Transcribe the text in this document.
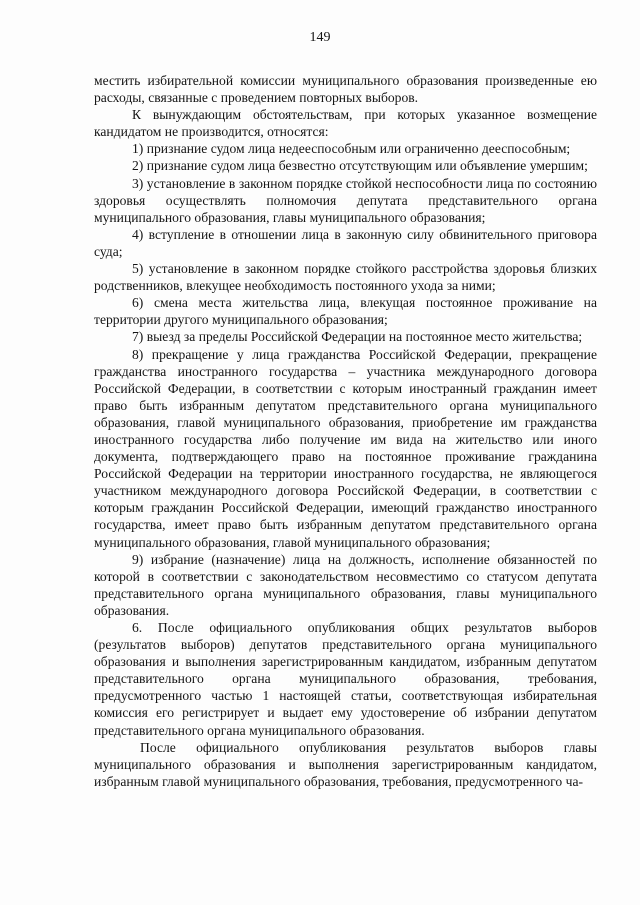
149

местить избирательной комиссии муниципального образования произведенные ею расходы, связанные с проведением повторных выборов.

К вынуждающим обстоятельствам, при которых указанное возмещение кандидатом не производится, относятся:

1) признание судом лица недееспособным или ограниченно дееспособным;

2) признание судом лица безвестно отсутствующим или объявление умершим;

3) установление в законном порядке стойкой неспособности лица по состоянию здоровья осуществлять полномочия депутата представительного органа муниципального образования, главы муниципального образования;

4) вступление в отношении лица в законную силу обвинительного приговора суда;

5) установление в законном порядке стойкого расстройства здоровья близких родственников, влекущее необходимость постоянного ухода за ними;

6) смена места жительства лица, влекущая постоянное проживание на территории другого муниципального образования;

7) выезд за пределы Российской Федерации на постоянное место жительства;

8) прекращение у лица гражданства Российской Федерации, прекращение гражданства иностранного государства – участника международного договора Российской Федерации, в соответствии с которым иностранный гражданин имеет право быть избранным депутатом представительного органа муниципального образования, главой муниципального образования, приобретение им гражданства иностранного государства либо получение им вида на жительство или иного документа, подтверждающего право на постоянное проживание гражданина Российской Федерации на территории иностранного государства, не являющегося участником международного договора Российской Федерации, в соответствии с которым гражданин Российской Федерации, имеющий гражданство иностранного государства, имеет право быть избранным депутатом представительного органа муниципального образования, главой муниципального образования;

9) избрание (назначение) лица на должность, исполнение обязанностей по которой в соответствии с законодательством несовместимо со статусом депутата представительного органа муниципального образования, главы муниципального образования.

6. После официального опубликования общих результатов выборов (результатов выборов) депутатов представительного органа муниципального образования и выполнения зарегистрированным кандидатом, избранным депутатом представительного органа муниципального образования, требования, предусмотренного частью 1 настоящей статьи, соответствующая избирательная комиссия его регистрирует и выдает ему удостоверение об избрании депутатом представительного органа муниципального образования.

После официального опубликования результатов выборов главы муниципального образования и выполнения зарегистрированным кандидатом, избранным главой муниципального образования, требования, предусмотренного ча-
